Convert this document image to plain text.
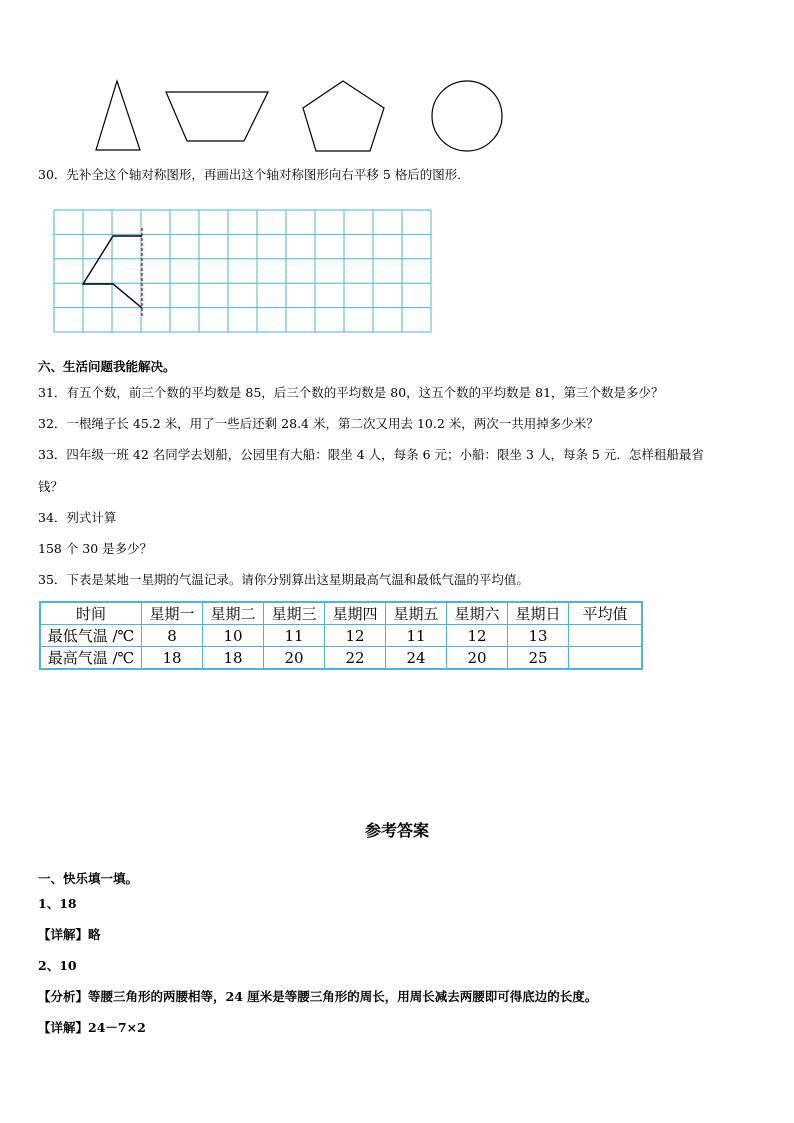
30．先补全这个轴对称图形，再画出这个轴对称图形向右平移 5 格后的图形．
六、生活问题我能解决。
31．有五个数，前三个数的平均数是 85，后三个数的平均数是 80，这五个数的平均数是 81，第三个数是多少？
32．一根绳子长 45.2 米，用了一些后还剩 28.4 米，第二次又用去 10.2 米，两次一共用掉多少米？
33．四年级一班 42 名同学去划船，公园里有大船：限坐 4 人，每条 6 元；小船：限坐 3 人，每条 5 元．怎样租船最省
钱？
34．列式计算
158 个 30 是多少？
35．下表是某地一星期的气温记录。请你分别算出这星期最高气温和最低气温的平均值。
时间	星期一	星期二	星期三	星期四	星期五	星期六	星期日	平均值
最低气温 /℃	8	10	11	12	11	12	13	
最高气温 /℃	18	18	20	22	24	20	25	
参考答案
一、快乐填一填。
1、18
【详解】略
2、10
【分析】等腰三角形的两腰相等，24 厘米是等腰三角形的周长，用周长减去两腰即可得底边的长度。
【详解】24－7×2
